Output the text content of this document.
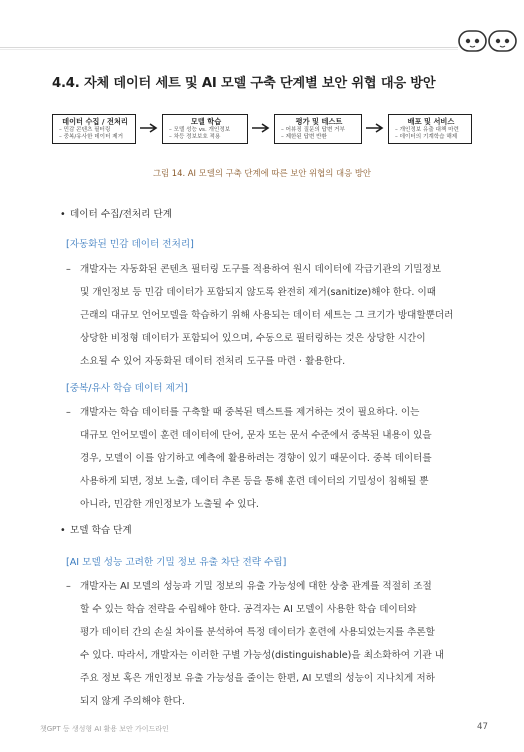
4.4. 자체 데이터 세트 및 AI 모델 구축 단계별 보안 위협 대응 방안
데이터 수집 / 전처리
– 민감 콘텐츠 필터링
– 중복/유사한 데이터 제거
모델 학습
– 모델 성능 vs. 개인정보
– 차등 정보보호 적용
평가 및 테스트
– 어뷰징 질문의 답변 거부
– 제한된 답변 반환
배포 및 서비스
– 개인정보 유출 대책 마련
– 데이터의 기계학습 해제
그림 14. AI 모델의 구축 단계에 따른 보안 위협의 대응 방안
• 데이터 수집/전처리 단계
[자동화된 민감 데이터 전처리]
– 개발자는 자동화된 콘텐츠 필터링 도구를 적용하여 원시 데이터에 각급기관의 기밀정보
및 개인정보 등 민감 데이터가 포함되지 않도록 완전히 제거(sanitize)해야 한다. 이때
근래의 대규모 언어모델을 학습하기 위해 사용되는 데이터 세트는 그 크기가 방대할뿐더러
상당한 비정형 데이터가 포함되어 있으며, 수동으로 필터링하는 것은 상당한 시간이
소요될 수 있어 자동화된 데이터 전처리 도구를 마련 · 활용한다.
[중복/유사 학습 데이터 제거]
– 개발자는 학습 데이터를 구축할 때 중복된 텍스트를 제거하는 것이 필요하다. 이는
대규모 언어모델이 훈련 데이터에 단어, 문자 또는 문서 수준에서 중복된 내용이 있을
경우, 모델이 이를 암기하고 예측에 활용하려는 경향이 있기 때문이다. 중복 데이터를
사용하게 되면, 정보 노출, 데이터 추론 등을 통해 훈련 데이터의 기밀성이 침해될 뿐
아니라, 민감한 개인정보가 노출될 수 있다.
• 모델 학습 단계
[AI 모델 성능 고려한 기밀 정보 유출 차단 전략 수립]
– 개발자는 AI 모델의 성능과 기밀 정보의 유출 가능성에 대한 상충 관계를 적절히 조절
할 수 있는 학습 전략을 수립해야 한다. 공격자는 AI 모델이 사용한 학습 데이터와
평가 데이터 간의 손실 차이를 분석하여 특정 데이터가 훈련에 사용되었는지를 추론할
수 있다. 따라서, 개발자는 이러한 구별 가능성(distinguishable)을 최소화하여 기관 내
주요 정보 혹은 개인정보 유출 가능성을 줄이는 한편, AI 모델의 성능이 지나치게 저하
되지 않게 주의해야 한다.
챗GPT 등 생성형 AI 활용 보안 가이드라인	47
